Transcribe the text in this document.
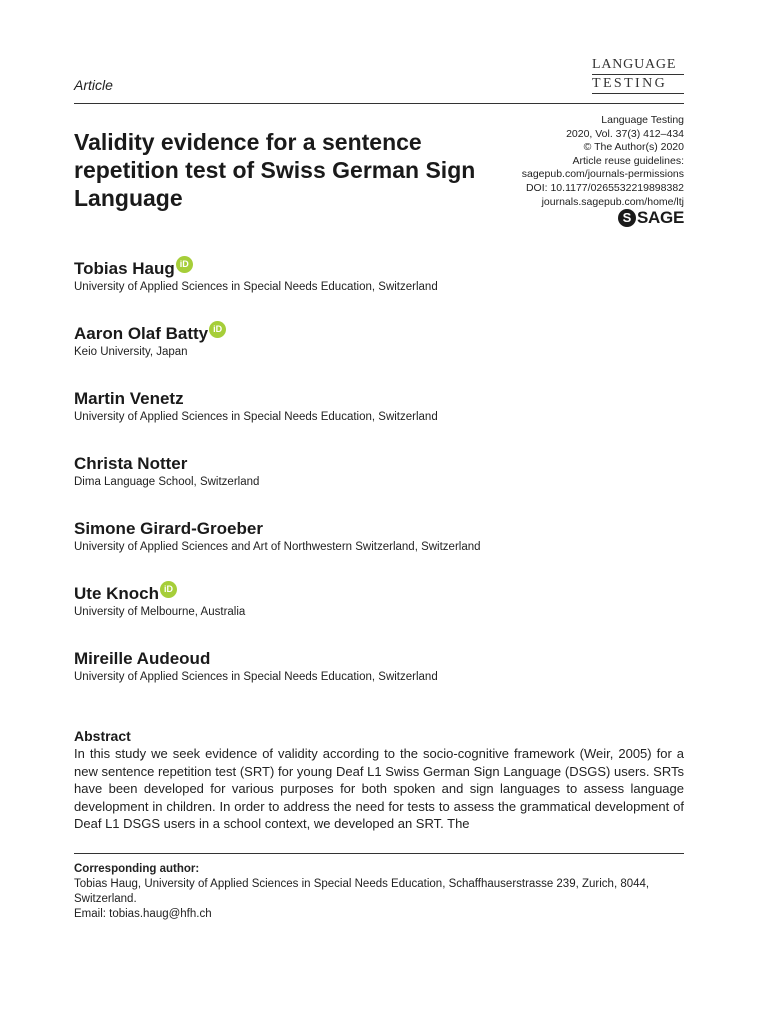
LANGUAGE
TESTING
Article
Validity evidence for a sentence repetition test of Swiss German Sign Language
Language Testing
2020, Vol. 37(3) 412–434
© The Author(s) 2020
Article reuse guidelines:
sagepub.com/journals-permissions
DOI: 10.1177/0265532219898382
journals.sagepub.com/home/ltj
S SAGE
Tobias Haug iD
University of Applied Sciences in Special Needs Education, Switzerland
Aaron Olaf Batty iD
Keio University, Japan
Martin Venetz
University of Applied Sciences in Special Needs Education, Switzerland
Christa Notter
Dima Language School, Switzerland
Simone Girard-Groeber
University of Applied Sciences and Art of Northwestern Switzerland, Switzerland
Ute Knoch iD
University of Melbourne, Australia
Mireille Audeoud
University of Applied Sciences in Special Needs Education, Switzerland
Abstract

In this study we seek evidence of validity according to the socio-cognitive framework (Weir, 2005) for a new sentence repetition test (SRT) for young Deaf L1 Swiss German Sign Language (DSGS) users. SRTs have been developed for various purposes for both spoken and sign languages to assess language development in children. In order to address the need for tests to assess the grammatical development of Deaf L1 DSGS users in a school context, we developed an SRT. The

Corresponding author:
Tobias Haug, University of Applied Sciences in Special Needs Education, Schaffhauserstrasse 239, Zurich, 8044, Switzerland.
Email: tobias.haug@hfh.ch
